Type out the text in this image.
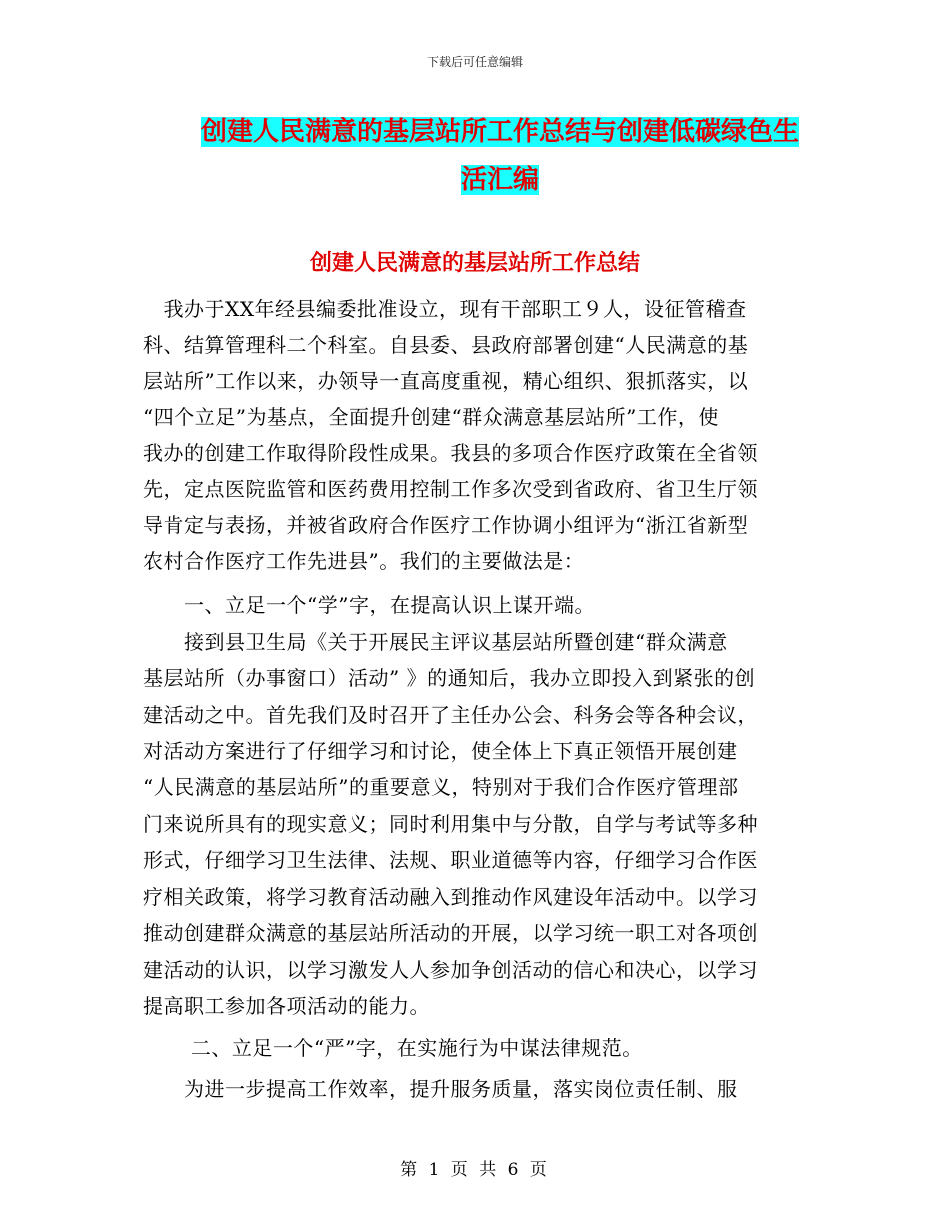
下载后可任意编辑
创建人民满意的基层站所工作总结与创建低碳绿色生
活汇编
创建人民满意的基层站所工作总结
　我办于XX年经县编委批准设立，现有干部职工９人，设征管稽查
科、结算管理科二个科室。自县委、县政府部署创建“人民满意的基
层站所”工作以来，办领导一直高度重视，精心组织、狠抓落实，以
“四个立足”为基点，全面提升创建“群众满意基层站所”工作，使
我办的创建工作取得阶段性成果。我县的多项合作医疗政策在全省领
先，定点医院监管和医药费用控制工作多次受到省政府、省卫生厅领
导肯定与表扬，并被省政府合作医疗工作协调小组评为“浙江省新型
农村合作医疗工作先进县”。我们的主要做法是：
　　一、立足一个“学”字，在提高认识上谋开端。
　　接到县卫生局《关于开展民主评议基层站所暨创建“群众满意
基层站所（办事窗口）活动” 》的通知后，我办立即投入到紧张的创
建活动之中。首先我们及时召开了主任办公会、科务会等各种会议，
对活动方案进行了仔细学习和讨论，使全体上下真正领悟开展创建
“人民满意的基层站所”的重要意义，特别对于我们合作医疗管理部
门来说所具有的现实意义；同时利用集中与分散，自学与考试等多种
形式，仔细学习卫生法律、法规、职业道德等内容，仔细学习合作医
疗相关政策，将学习教育活动融入到推动作风建设年活动中。以学习
推动创建群众满意的基层站所活动的开展，以学习统一职工对各项创
建活动的认识，以学习激发人人参加争创活动的信心和决心，以学习
提高职工参加各项活动的能力。
　　 二、立足一个“严”字，在实施行为中谋法律规范。
　　为进一步提高工作效率，提升服务质量，落实岗位责任制、服
第 1 页 共 6 页
